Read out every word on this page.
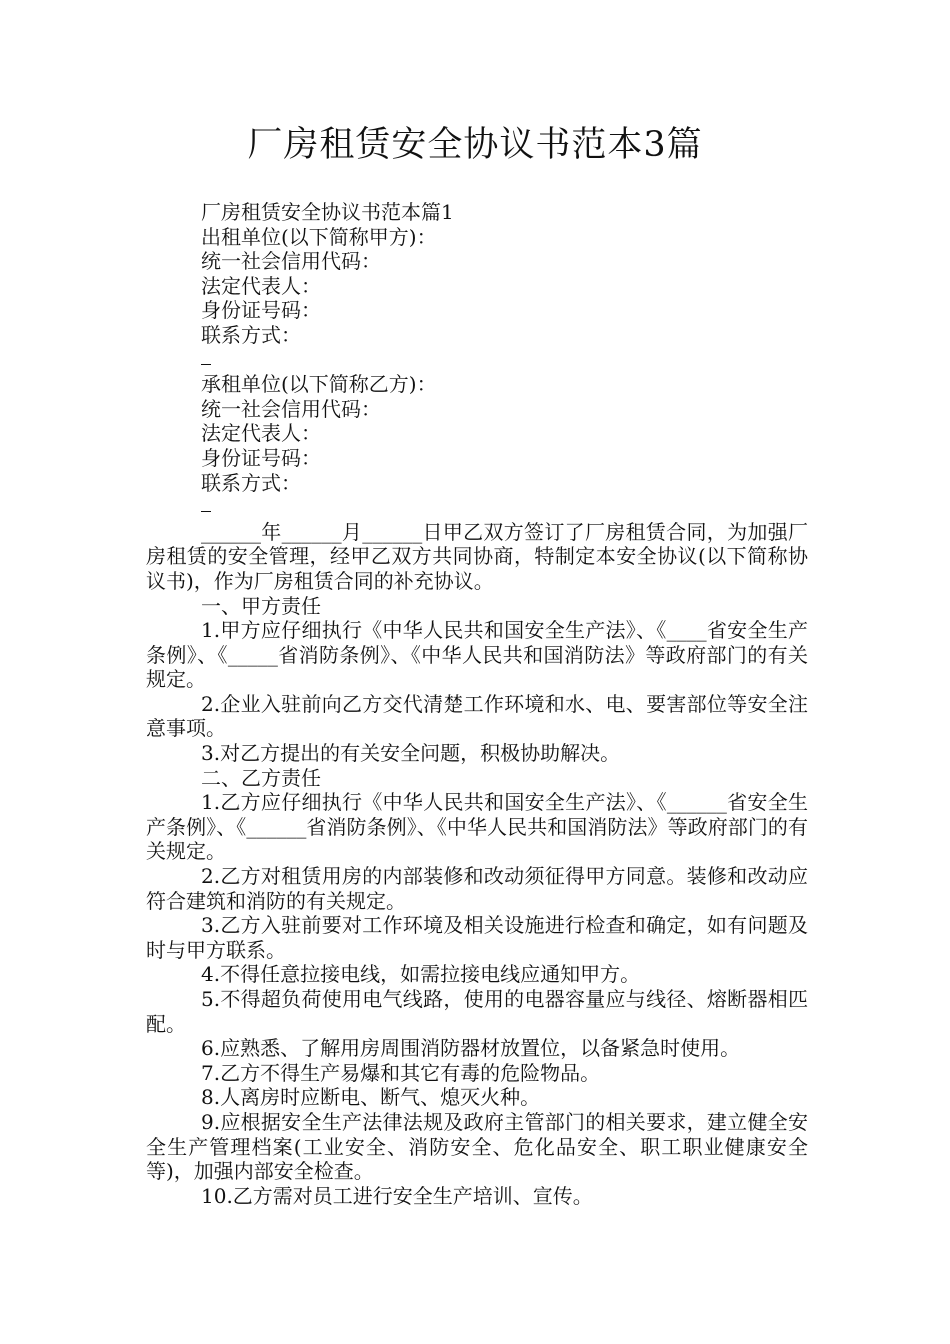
厂房租赁安全协议书范本3篇
厂房租赁安全协议书范本篇1
出租单位(以下简称甲方)：
统一社会信用代码：
法定代表人：
身份证号码：
联系方式：
承租单位(以下简称乙方)：
统一社会信用代码：
法定代表人：
身份证号码：
联系方式：

______年______月______日甲乙双方签订了厂房租赁合同，为加强厂房租赁的安全管理，经甲乙双方共同协商，特制定本安全协议(以下简称协议书)，作为厂房租赁合同的补充协议。

一、甲方责任

1.甲方应仔细执行《中华人民共和国安全生产法》、《____省安全生产条例》、《_____省消防条例》、《中华人民共和国消防法》等政府部门的有关规定。

2.企业入驻前向乙方交代清楚工作环境和水、电、要害部位等安全注意事项。

3.对乙方提出的有关安全问题，积极协助解决。

二、乙方责任

1.乙方应仔细执行《中华人民共和国安全生产法》、《______省安全生产条例》、《______省消防条例》、《中华人民共和国消防法》等政府部门的有关规定。

2.乙方对租赁用房的内部装修和改动须征得甲方同意。装修和改动应符合建筑和消防的有关规定。

3.乙方入驻前要对工作环境及相关设施进行检查和确定，如有问题及时与甲方联系。

4.不得任意拉接电线，如需拉接电线应通知甲方。

5.不得超负荷使用电气线路，使用的电器容量应与线径、熔断器相匹配。

6.应熟悉、了解用房周围消防器材放置位，以备紧急时使用。

7.乙方不得生产易爆和其它有毒的危险物品。

8.人离房时应断电、断气、熄灭火种。

9.应根据安全生产法律法规及政府主管部门的相关要求，建立健全安全生产管理档案(工业安全、消防安全、危化品安全、职工职业健康安全等)，加强内部安全检查。

10.乙方需对员工进行安全生产培训、宣传。
